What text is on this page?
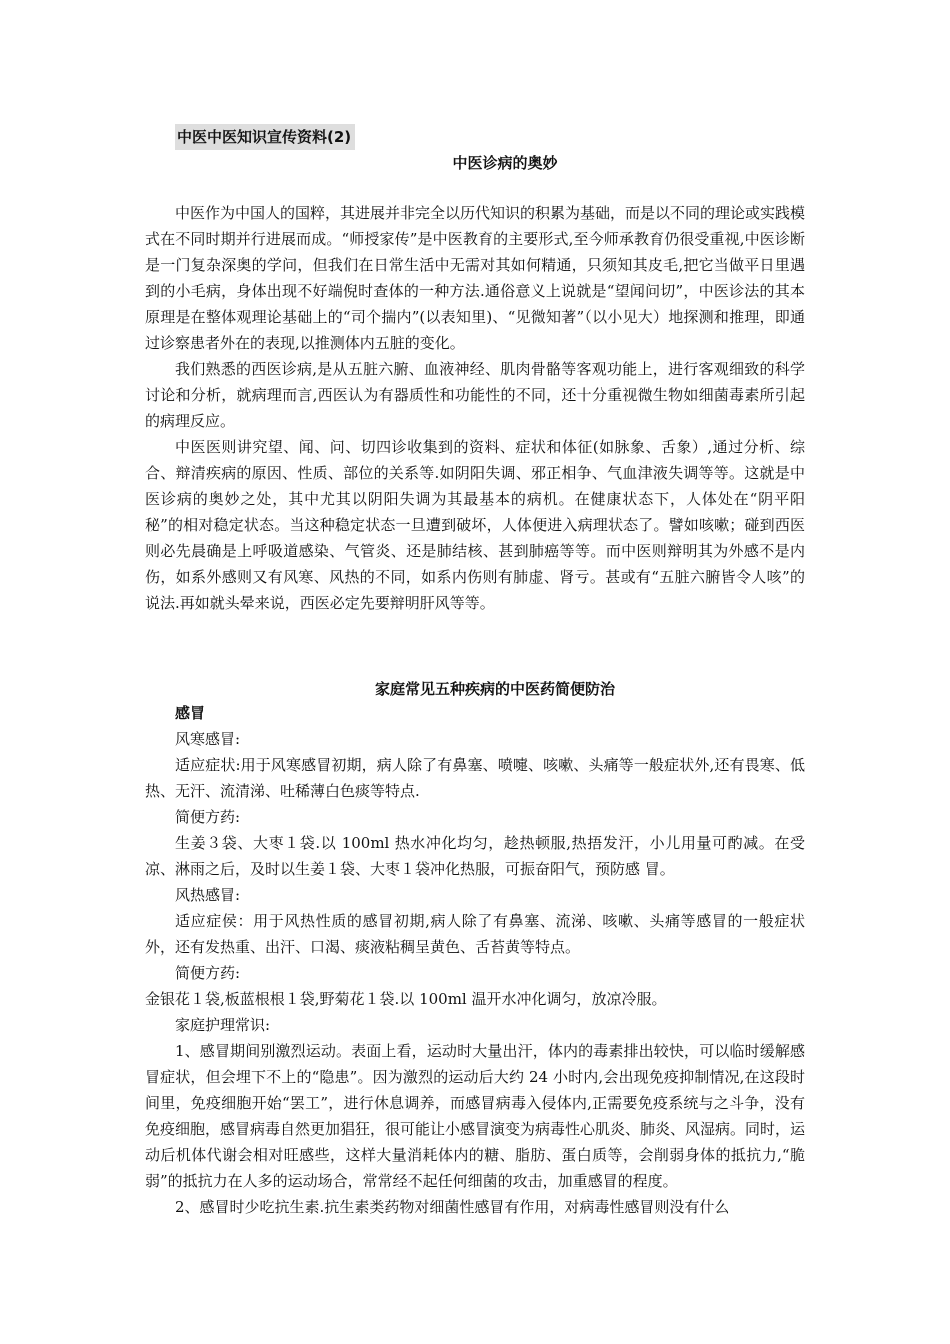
中医中医知识宣传资料(2)
中医诊病的奥妙

中医作为中国人的国粹，其进展并非完全以历代知识的积累为基础，而是以不同的理论或实践模式在不同时期并行进展而成。“师授家传”是中医教育的主要形式,至今师承教育仍很受重视,中医诊断是一门复杂深奥的学问，但我们在日常生活中无需对其如何精通，只须知其皮毛,把它当做平日里遇到的小毛病，身体出现不好端倪时查体的一种方法.通俗意义上说就是“望闻问切”，中医诊法的其本原理是在整体观理论基础上的“司个揣内”(以表知里)、“见微知著”（以小见大）地探测和推理，即通过诊察患者外在的表现,以推测体内五脏的变化。

我们熟悉的西医诊病,是从五脏六腑、血液神经、肌肉骨骼等客观功能上，进行客观细致的科学讨论和分析，就病理而言,西医认为有器质性和功能性的不同，还十分重视微生物如细菌毒素所引起的病理反应。

中医医则讲究望、闻、问、切四诊收集到的资料、症状和体征(如脉象、舌象）,通过分析、综合、辩清疾病的原因、性质、部位的关系等.如阴阳失调、邪正相争、气血津液失调等等。这就是中医诊病的奥妙之处，其中尤其以阴阳失调为其最基本的病机。在健康状态下，人体处在“阴平阳秘”的相对稳定状态。当这种稳定状态一旦遭到破坏，人体便进入病理状态了。譬如咳嗽；碰到西医则必先晨确是上呼吸道感染、气管炎、还是肺结核、甚到肺癌等等。而中医则辩明其为外感不是内伤，如系外感则又有风寒、风热的不同，如系内伤则有肺虚、肾亏。甚或有“五脏六腑皆令人咳”的说法.再如就头晕来说，西医必定先要辩明肝风等等。

家庭常见五种疾病的中医药简便防治
感冒
风寒感冒:

适应症状:用于风寒感冒初期，病人除了有鼻塞、喷嚏、咳嗽、头痛等一般症状外,还有畏寒、低热、无汗、流清涕、吐稀薄白色痰等特点.

简便方药:

生姜３袋、大枣１袋.以 100ml 热水冲化均匀，趁热顿服,热捂发汗，小儿用量可酌减。在受凉、淋雨之后，及时以生姜１袋、大枣１袋冲化热服，可振奋阳气，预防感 冒。

风热感冒:

适应症侯：用于风热性质的感冒初期,病人除了有鼻塞、流涕、咳嗽、头痛等感冒的一般症状外，还有发热重、出汗、口渴、痰液粘稠呈黄色、舌苔黄等特点。

简便方药:

金银花１袋,板蓝根根１袋,野菊花１袋.以 100ml 温开水冲化调匀，放凉冷服。

家庭护理常识:

1、感冒期间别激烈运动。表面上看，运动时大量出汗，体内的毒素排出较快，可以临时缓解感冒症状，但会埋下不上的“隐患”。因为激烈的运动后大约 24 小时内,会出现免疫抑制情况,在这段时间里，免疫细胞开始“罢工”，进行休息调养，而感冒病毒入侵体内,正需要免疫系统与之斗争，没有免疫细胞，感冒病毒自然更加猖狂，很可能让小感冒演变为病毒性心肌炎、肺炎、风湿病。同时，运动后机体代谢会相对旺感些，这样大量消耗体内的糖、脂肪、蛋白质等，会削弱身体的抵抗力,“脆弱”的抵抗力在人多的运动场合，常常经不起任何细菌的攻击，加重感冒的程度。

2、感冒时少吃抗生素.抗生素类药物对细菌性感冒有作用，对病毒性感冒则没有什么
